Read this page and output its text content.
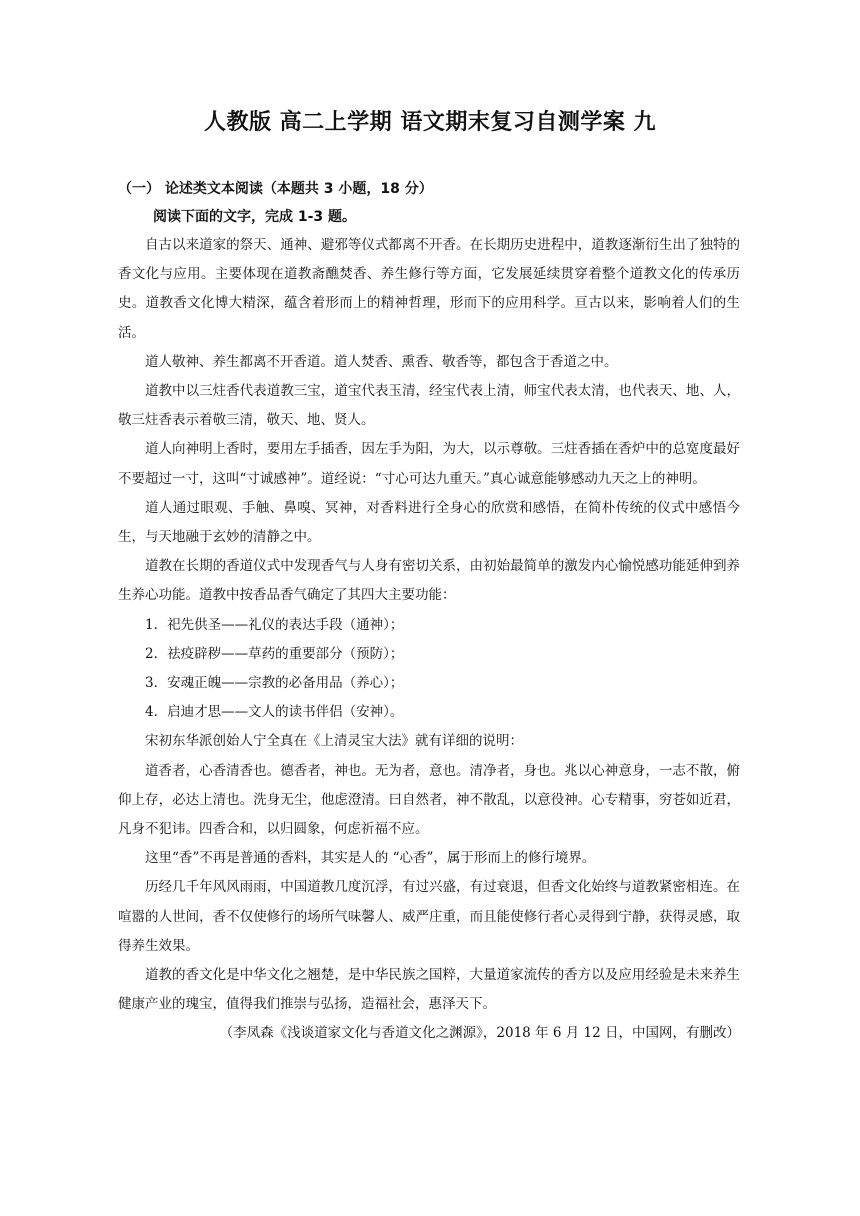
人教版 高二上学期 语文期末复习自测学案 九
（一） 论述类文本阅读（本题共 3 小题，18 分）
阅读下面的文字，完成 1-3 题。

自古以来道家的祭天、通神、避邪等仪式都离不开香。在长期历史进程中，道教逐渐衍生出了独特的香文化与应用。主要体现在道教斋醮焚香、养生修行等方面，它发展延续贯穿着整个道教文化的传承历史。道教香文化博大精深，蕴含着形而上的精神哲理，形而下的应用科学。亘古以来，影响着人们的生活。

道人敬神、养生都离不开香道。道人焚香、熏香、敬香等，都包含于香道之中。

道教中以三炷香代表道教三宝，道宝代表玉清，经宝代表上清，师宝代表太清，也代表天、地、人，敬三炷香表示着敬三清，敬天、地、贤人。

道人向神明上香时，要用左手插香，因左手为阳，为大，以示尊敬。三炷香插在香炉中的总宽度最好不要超过一寸，这叫“寸诚感神”。道经说：“寸心可达九重天。”真心诚意能够感动九天之上的神明。

道人通过眼观、手触、鼻嗅、冥神，对香料进行全身心的欣赏和感悟，在简朴传统的仪式中感悟今生，与天地融于玄妙的清静之中。

道教在长期的香道仪式中发现香气与人身有密切关系，由初始最简单的激发内心愉悦感功能延伸到养生养心功能。道教中按香品香气确定了其四大主要功能：

1．祀先供圣——礼仪的表达手段（通神）；

2．祛疫辟秽——草药的重要部分（预防）；

3．安魂正魄——宗教的必备用品（养心）；

4．启迪才思——文人的读书伴侣（安神）。

宋初东华派创始人宁全真在《上清灵宝大法》就有详细的说明：

道香者，心香清香也。德香者，神也。无为者，意也。清净者，身也。兆以心神意身，一志不散，俯仰上存，必达上清也。洗身无尘，他虑澄清。曰自然者，神不散乱，以意役神。心专精事，穷苍如近君，凡身不犯讳。四香合和，以归圆象，何虑祈福不应。

这里“香”不再是普通的香料，其实是人的 “心香”，属于形而上的修行境界。

历经几千年风风雨雨，中国道教几度沉浮，有过兴盛，有过衰退，但香文化始终与道教紧密相连。在喧嚣的人世间，香不仅使修行的场所气味馨人、威严庄重，而且能使修行者心灵得到宁静，获得灵感，取得养生效果。

道教的香文化是中华文化之翘楚，是中华民族之国粹，大量道家流传的香方以及应用经验是未来养生健康产业的瑰宝，值得我们推崇与弘扬，造福社会，惠泽天下。

（李凤森《浅谈道家文化与香道文化之渊源》，2018 年 6 月 12 日，中国网，有删改）
